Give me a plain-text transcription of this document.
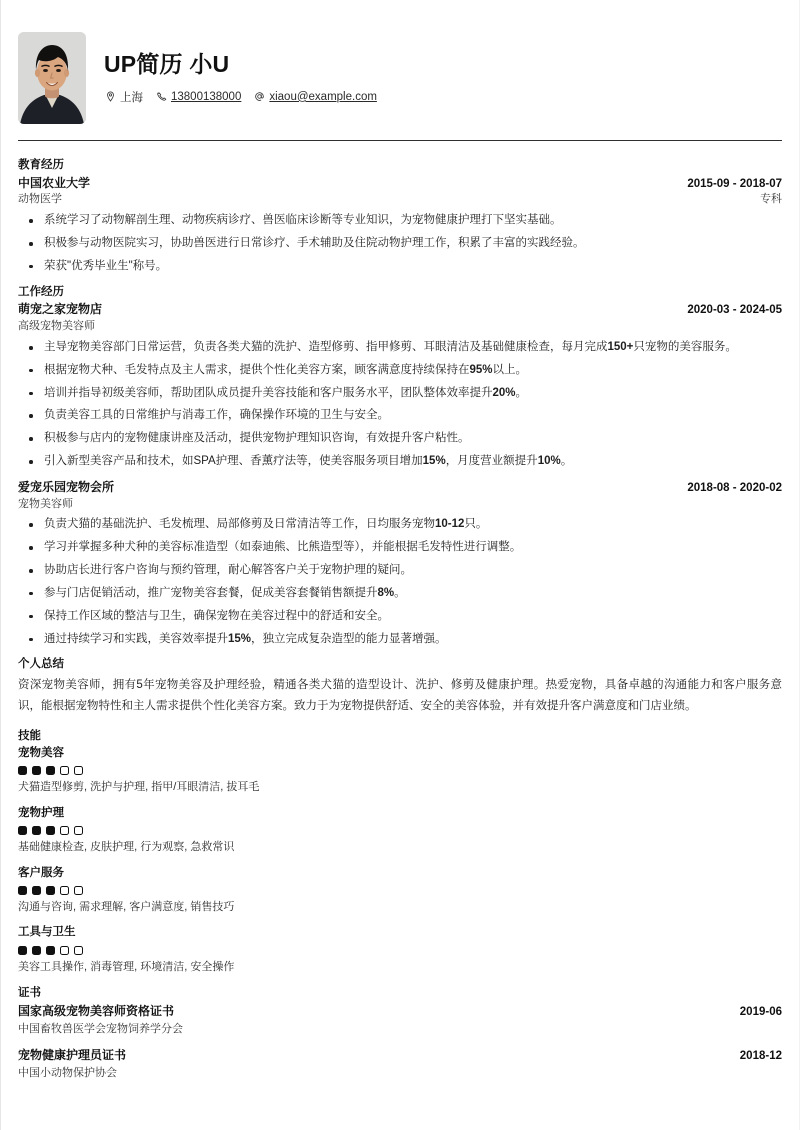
UP简历 小U
上海 13800138000 xiaou@example.com
教育经历
中国农业大学	2015-09 - 2018-07
动物医学	专科
系统学习了动物解剖生理、动物疾病诊疗、兽医临床诊断等专业知识，为宠物健康护理打下坚实基础。
积极参与动物医院实习，协助兽医进行日常诊疗、手术辅助及住院动物护理工作，积累了丰富的实践经验。
荣获"优秀毕业生"称号。
工作经历
萌宠之家宠物店	2020-03 - 2024-05
高级宠物美容师
主导宠物美容部门日常运营，负责各类犬猫的洗护、造型修剪、指甲修剪、耳眼清洁及基础健康检查，每月完成150+只宠物的美容服务。
根据宠物犬种、毛发特点及主人需求，提供个性化美容方案，顾客满意度持续保持在95%以上。
培训并指导初级美容师，帮助团队成员提升美容技能和客户服务水平，团队整体效率提升20%。
负责美容工具的日常维护与消毒工作，确保操作环境的卫生与安全。
积极参与店内的宠物健康讲座及活动，提供宠物护理知识咨询，有效提升客户粘性。
引入新型美容产品和技术，如SPA护理、香薰疗法等，使美容服务项目增加15%，月度营业额提升10%。
爱宠乐园宠物会所	2018-08 - 2020-02
宠物美容师
负责犬猫的基础洗护、毛发梳理、局部修剪及日常清洁等工作，日均服务宠物10-12只。
学习并掌握多种犬种的美容标准造型（如泰迪熊、比熊造型等），并能根据毛发特性进行调整。
协助店长进行客户咨询与预约管理，耐心解答客户关于宠物护理的疑问。
参与门店促销活动，推广宠物美容套餐，促成美容套餐销售额提升8%。
保持工作区域的整洁与卫生，确保宠物在美容过程中的舒适和安全。
通过持续学习和实践，美容效率提升15%，独立完成复杂造型的能力显著增强。
个人总结
资深宠物美容师，拥有5年宠物美容及护理经验，精通各类犬猫的造型设计、洗护、修剪及健康护理。热爱宠物，具备卓越的沟通能力和客户服务意识，能根据宠物特性和主人需求提供个性化美容方案。致力于为宠物提供舒适、安全的美容体验，并有效提升客户满意度和门店业绩。
技能
宠物美容
犬猫造型修剪, 洗护与护理, 指甲/耳眼清洁, 拔耳毛
宠物护理
基础健康检查, 皮肤护理, 行为观察, 急救常识
客户服务
沟通与咨询, 需求理解, 客户满意度, 销售技巧
工具与卫生
美容工具操作, 消毒管理, 环境清洁, 安全操作
证书
国家高级宠物美容师资格证书	2019-06
中国畜牧兽医学会宠物饲养学分会
宠物健康护理员证书	2018-12
中国小动物保护协会
